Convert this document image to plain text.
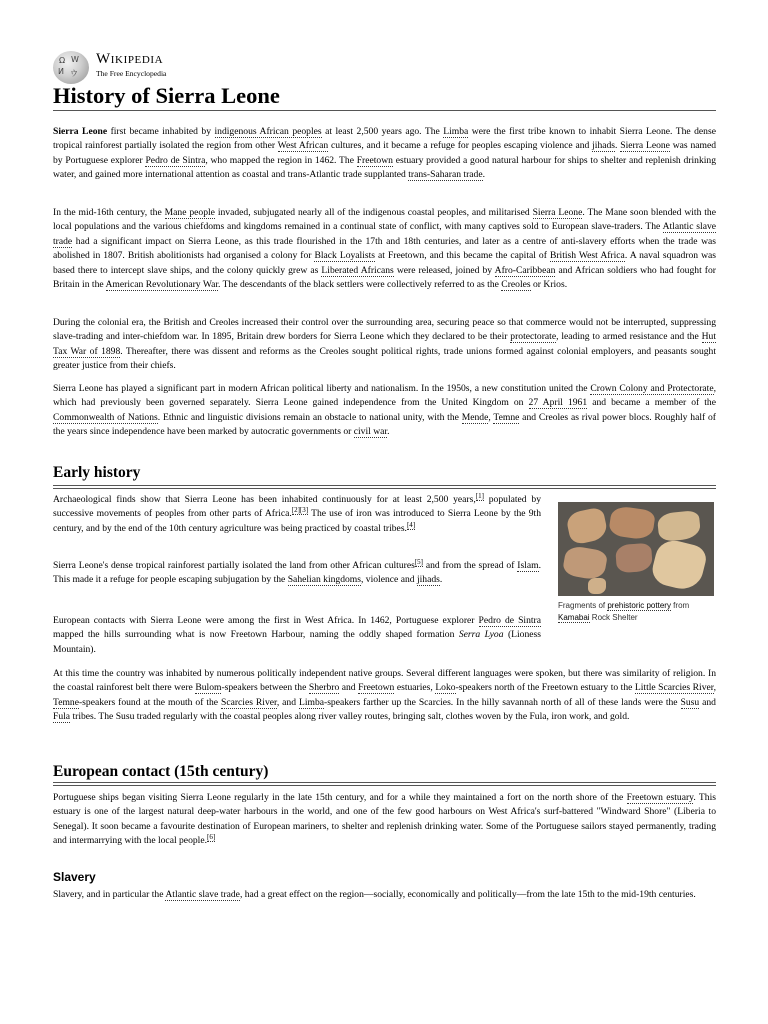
Ω W
И ウ
Wikipedia
The Free Encyclopedia
History of Sierra Leone

Sierra Leone first became inhabited by indigenous African peoples at least 2,500 years ago. The Limba were the first tribe known to inhabit Sierra Leone. The dense tropical rainforest partially isolated the region from other West African cultures, and it became a refuge for peoples escaping violence and jihads. Sierra Leone was named by Portuguese explorer Pedro de Sintra, who mapped the region in 1462. The Freetown estuary provided a good natural harbour for ships to shelter and replenish drinking water, and gained more international attention as coastal and trans-Atlantic trade supplanted trans-Saharan trade.

In the mid-16th century, the Mane people invaded, subjugated nearly all of the indigenous coastal peoples, and militarised Sierra Leone. The Mane soon blended with the local populations and the various chiefdoms and kingdoms remained in a continual state of conflict, with many captives sold to European slave-traders. The Atlantic slave trade had a significant impact on Sierra Leone, as this trade flourished in the 17th and 18th centuries, and later as a centre of anti-slavery efforts when the trade was abolished in 1807. British abolitionists had organised a colony for Black Loyalists at Freetown, and this became the capital of British West Africa. A naval squadron was based there to intercept slave ships, and the colony quickly grew as Liberated Africans were released, joined by Afro-Caribbean and African soldiers who had fought for Britain in the American Revolutionary War. The descendants of the black settlers were collectively referred to as the Creoles or Krios.

During the colonial era, the British and Creoles increased their control over the surrounding area, securing peace so that commerce would not be interrupted, suppressing slave-trading and inter-chiefdom war. In 1895, Britain drew borders for Sierra Leone which they declared to be their protectorate, leading to armed resistance and the Hut Tax War of 1898. Thereafter, there was dissent and reforms as the Creoles sought political rights, trade unions formed against colonial employers, and peasants sought greater justice from their chiefs.

Sierra Leone has played a significant part in modern African political liberty and nationalism. In the 1950s, a new constitution united the Crown Colony and Protectorate, which had previously been governed separately. Sierra Leone gained independence from the United Kingdom on 27 April 1961 and became a member of the Commonwealth of Nations. Ethnic and linguistic divisions remain an obstacle to national unity, with the Mende, Temne and Creoles as rival power blocs. Roughly half of the years since independence have been marked by autocratic governments or civil war.

Early history

Archaeological finds show that Sierra Leone has been inhabited continuously for at least 2,500 years,[1] populated by successive movements of peoples from other parts of Africa.[2][3] The use of iron was introduced to Sierra Leone by the 9th century, and by the end of the 10th century agriculture was being practiced by coastal tribes.[4]

Sierra Leone's dense tropical rainforest partially isolated the land from other African cultures[5] and from the spread of Islam. This made it a refuge for people escaping subjugation by the Sahelian kingdoms, violence and jihads.

European contacts with Sierra Leone were among the first in West Africa. In 1462, Portuguese explorer Pedro de Sintra mapped the hills surrounding what is now Freetown Harbour, naming the oddly shaped formation Serra Lyoa (Lioness Mountain).

At this time the country was inhabited by numerous politically independent native groups. Several different languages were spoken, but there was similarity of religion. In the coastal rainforest belt there were Bulom-speakers between the Sherbro and Freetown estuaries, Loko-speakers north of the Freetown estuary to the Little Scarcies River, Temne-speakers found at the mouth of the Scarcies River, and Limba-speakers farther up the Scarcies. In the hilly savannah north of all of these lands were the Susu and Fula tribes. The Susu traded regularly with the coastal peoples along river valley routes, bringing salt, clothes woven by the Fula, iron work, and gold.

Fragments of prehistoric pottery from Kamabai Rock Shelter
European contact (15th century)

Portuguese ships began visiting Sierra Leone regularly in the late 15th century, and for a while they maintained a fort on the north shore of the Freetown estuary. This estuary is one of the largest natural deep-water harbours in the world, and one of the few good harbours on West Africa's surf-battered "Windward Shore" (Liberia to Senegal). It soon became a favourite destination of European mariners, to shelter and replenish drinking water. Some of the Portuguese sailors stayed permanently, trading and intermarrying with the local people.[6]

Slavery

Slavery, and in particular the Atlantic slave trade, had a great effect on the region—socially, economically and politically—from the late 15th to the mid-19th centuries.
